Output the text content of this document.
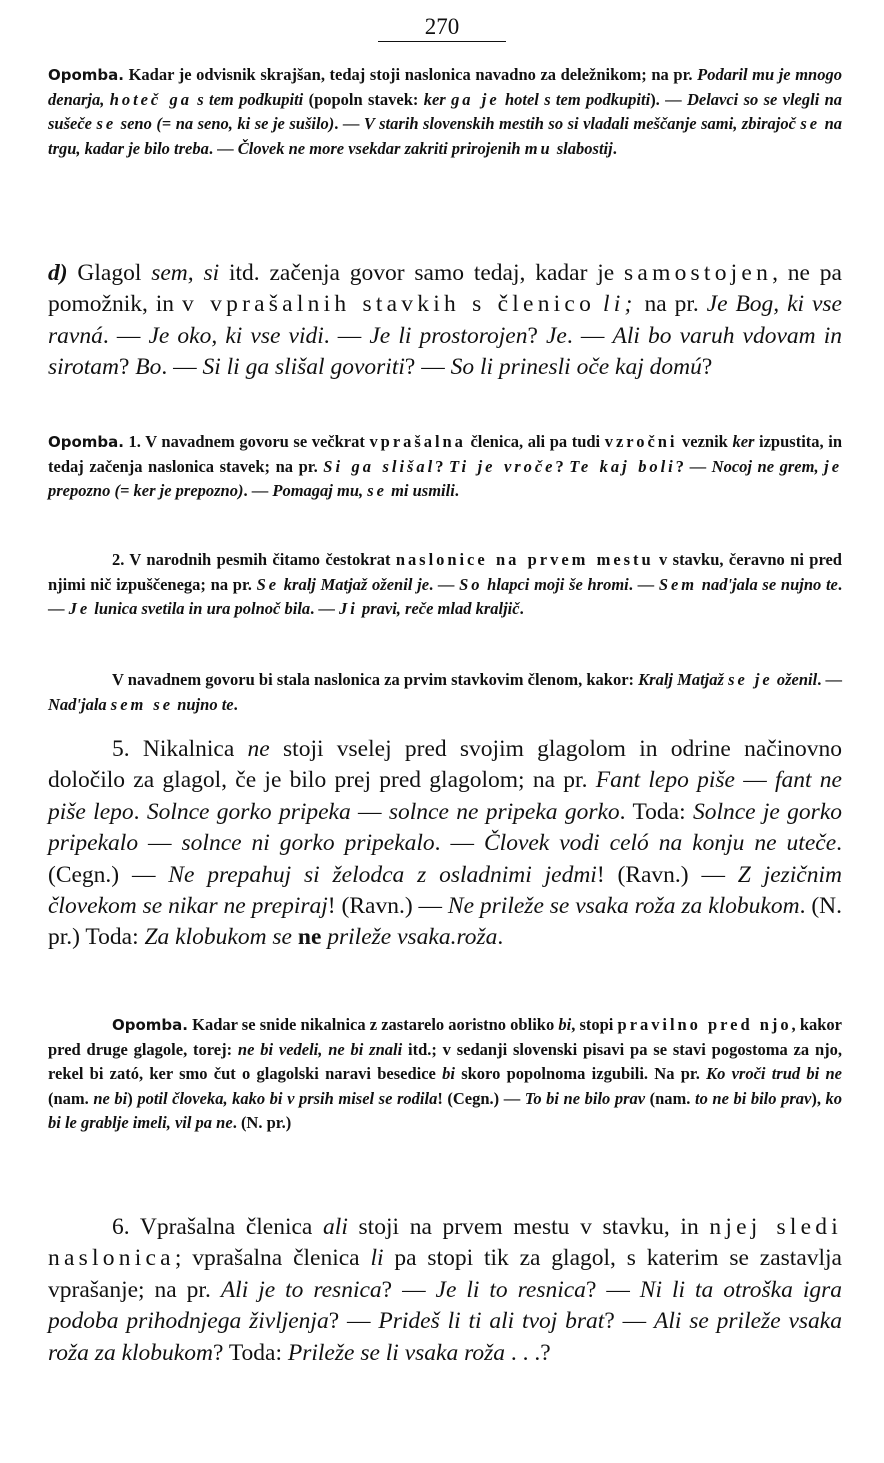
270

Opomba. Kadar je odvisnik skrajšan, tedaj stoji naslonica navadno za deležnikom; na pr. Podaril mu je mnogo denarja, hoteč ga s tem podkupiti (popoln stavek: ker ga je hotel s tem podkupiti). — Delavci so se vlegli na sušeče se seno (= na seno, ki se je sušilo). — V starih slovenskih mestih so si vladali meščanje sami, zbirajoč se na trgu, kadar je bilo treba. — Človek ne more vsekdar zakriti prirojenih mu slabostij.

d) Glagol sem, si itd. začenja govor samo tedaj, kadar je samostojen, ne pa pomožnik, in v vprašalnih stavkih s členico li; na pr. Je Bog, ki vse ravná. — Je oko, ki vse vidi. — Je li prostorojen? Je. — Ali bo varuh vdovam in sirotam? Bo. — Si li ga slišal govoriti? — So li prinesli oče kaj domú?

Opomba. 1. V navadnem govoru se večkrat vprašalna členica, ali pa tudi vzročni veznik ker izpustita, in tedaj začenja naslonica stavek; na pr. Si ga slišal? Ti je vroče? Te kaj boli? — Nocoj ne grem, je prepozno (= ker je prepozno). — Pomagaj mu, se mi usmili.

2. V narodnih pesmih čitamo čestokrat naslonice na prvem mestu v stavku, čeravno ni pred njimi nič izpuščenega; na pr. Se kralj Matjaž oženil je. — So hlapci moji še hromi. — Sem nad'jala se nujno te. — Je lunica svetila in ura polnoč bila. — Ji pravi, reče mlad kraljič.

V navadnem govoru bi stala naslonica za prvim stavkovim členom, kakor: Kralj Matjaž se je oženil. — Nad'jala sem se nujno te.

5. Nikalnica ne stoji vselej pred svojim glagolom in odrine načinovno določilo za glagol, če je bilo prej pred glagolom; na pr. Fant lepo piše — fant ne piše lepo. Solnce gorko pripeka — solnce ne pripeka gorko. Toda: Solnce je gorko pripekalo — solnce ni gorko pripekalo. — Človek vodi celó na konju ne uteče. (Cegn.) — Ne prepahuj si želodca z osladnimi jedmi! (Ravn.) — Z jezičnim človekom se nikar ne prepiraj! (Ravn.) — Ne prileže se vsaka roža za klobukom. (N. pr.) Toda: Za klobukom se ne prileže vsaka.roža.

Opomba. Kadar se snide nikalnica z zastarelo aoristno obliko bi, stopi pravilno pred njo, kakor pred druge glagole, torej: ne bi vedeli, ne bi znali itd.; v sedanji slovenski pisavi pa se stavi pogostoma za njo, rekel bi zató, ker smo čut o glagolski naravi besedice bi skoro popolnoma izgubili. Na pr. Ko vroči trud bi ne (nam. ne bi) potil človeka, kako bi v prsih misel se rodila! (Cegn.) — To bi ne bilo prav (nam. to ne bi bilo prav), ko bi le grablje imeli, vil pa ne. (N. pr.)

6. Vprašalna členica ali stoji na prvem mestu v stavku, in njej sledi naslonica; vprašalna členica li pa stopi tik za glagol, s katerim se zastavlja vprašanje; na pr. Ali je to resnica? — Je li to resnica? — Ni li ta otroška igra podoba prihodnjega življenja? — Prideš li ti ali tvoj brat? — Ali se prileže vsaka roža za klobukom? Toda: Prileže se li vsaka roža . . .?
